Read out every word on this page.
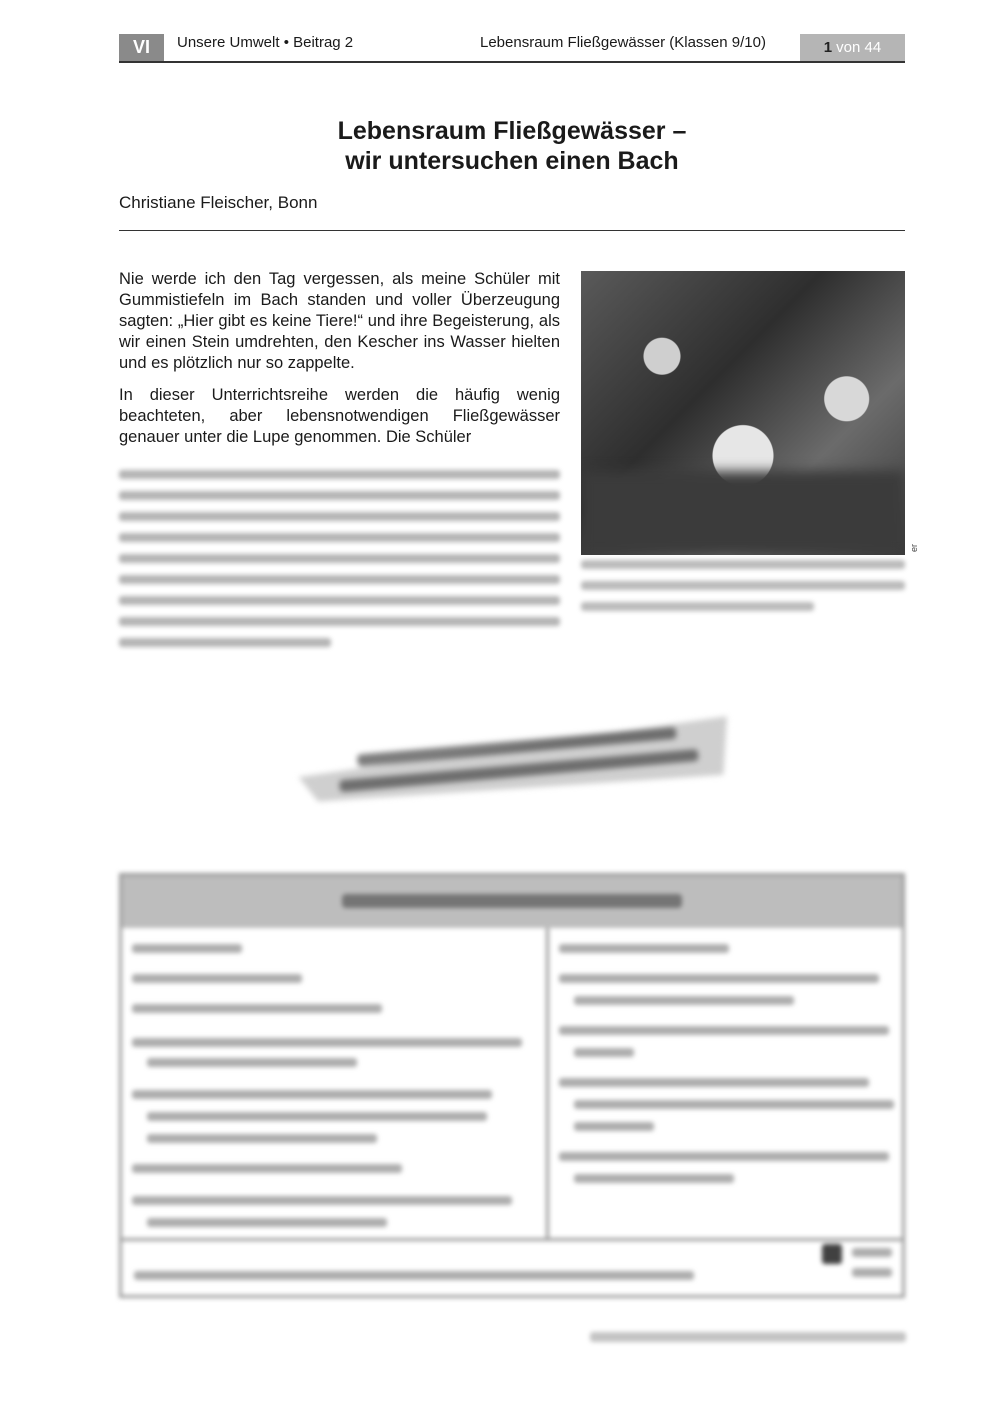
VI	Unsere Umwelt • Beitrag 2	Lebensraum Fließgewässer (Klassen 9/10)	1 von 44
Lebensraum Fließgewässer –
wir untersuchen einen Bach
Christiane Fleischer, Bonn

Nie werde ich den Tag vergessen, als meine Schüler mit Gummistiefeln im Bach standen und voller Überzeugung sagten: „Hier gibt es keine Tiere!“ und ihre Begeisterung, als wir einen Stein umdrehten, den Kescher ins Wasser hielten und es plötzlich nur so zappelte.

In dieser Unterrichtsreihe werden die häufig wenig beachteten, aber lebensnotwendigen Fließgewässer genauer unter die Lupe genommen. Die Schüler

er
